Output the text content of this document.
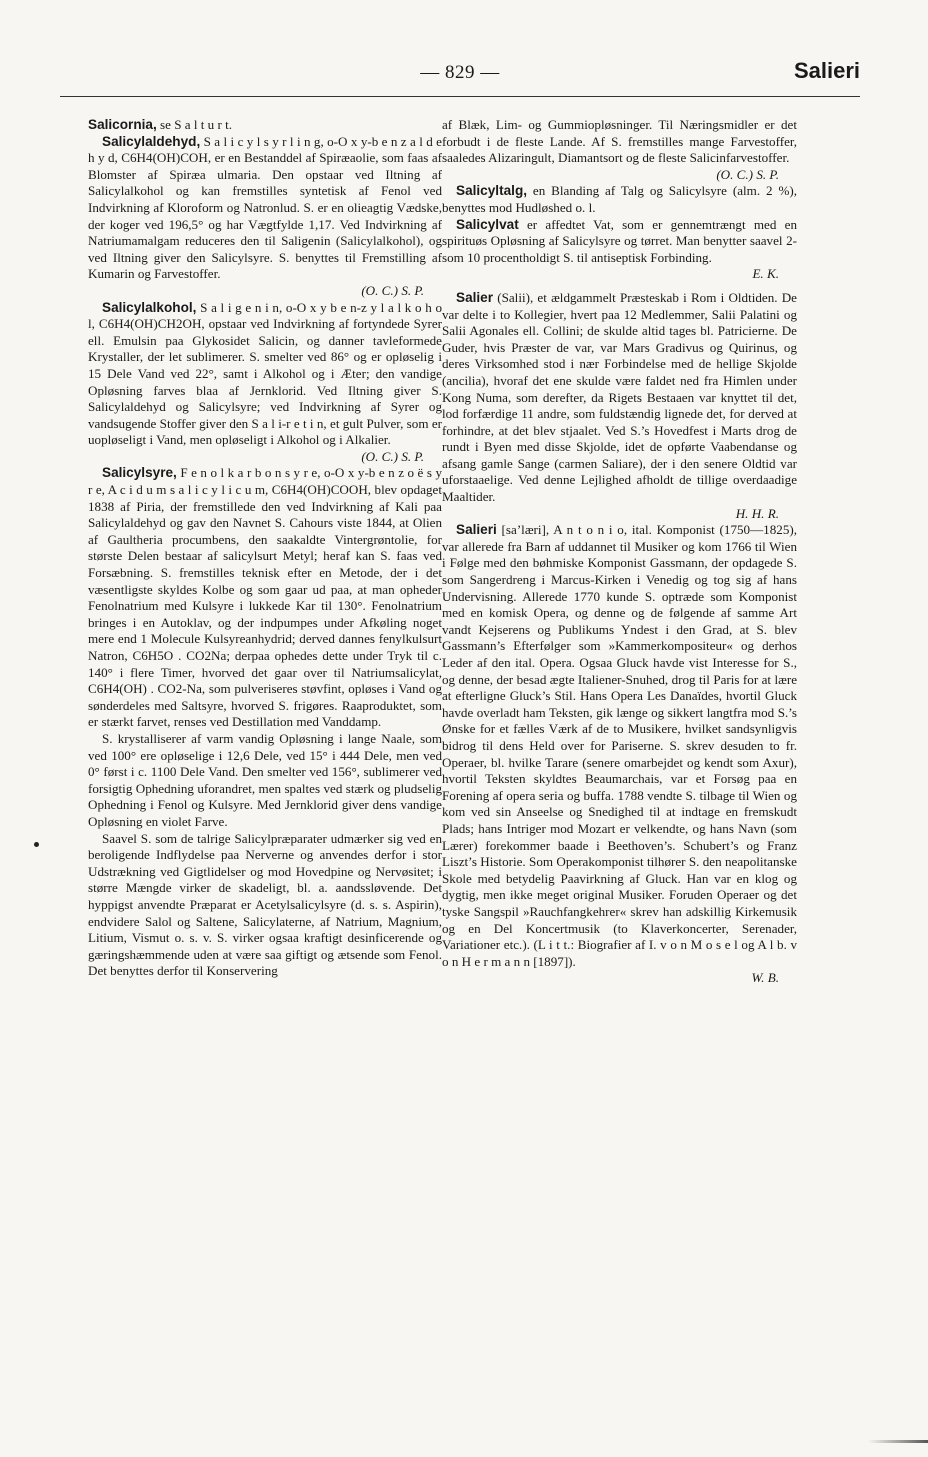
— 829 —	Salieri

Salicornia, se S a l t u r t.

Salicylaldehyd, S a l i c y l s y r l i n g, o-O x y-b e n z a l d e h y d, C6H4(OH)COH, er en Bestanddel af Spiræaolie, som faas af Blomster af Spiræa ulmaria. Den opstaar ved Iltning af Salicylalkohol og kan fremstilles syntetisk af Fenol ved Indvirkning af Kloroform og Natronlud. S. er en olieagtig Vædske, der koger ved 196,5° og har Vægtfylde 1,17. Ved Indvirkning af Natriumamalgam reduceres den til Saligenin (Salicylalkohol), og ved Iltning giver den Salicylsyre. S. benyttes til Fremstilling af Kumarin og Farvestoffer.

(O. C.) S. P.

Salicylalkohol, S a l i g e n i n, o-O x y b e n-z y l a l k o h o l, C6H4(OH)CH2OH, opstaar ved Indvirkning af fortyndede Syrer ell. Emulsin paa Glykosidet Salicin, og danner tavleformede Krystaller, der let sublimerer. S. smelter ved 86° og er opløselig i 15 Dele Vand ved 22°, samt i Alkohol og i Æter; den vandige Opløsning farves blaa af Jernklorid. Ved Iltning giver S. Salicylaldehyd og Salicylsyre; ved Indvirkning af Syrer og vandsugende Stoffer giver den S a l i-r e t i n, et gult Pulver, som er uopløseligt i Vand, men opløseligt i Alkohol og i Alkalier.

(O. C.) S. P.

Salicylsyre, F e n o l k a r b o n s y r e, o-O x y-b e n z o ë s y r e, A c i d u m s a l i c y l i c u m, C6H4(OH)COOH, blev opdaget 1838 af Piria, der fremstillede den ved Indvirkning af Kali paa Salicylaldehyd og gav den Navnet S. Cahours viste 1844, at Olien af Gaultheria procumbens, den saakaldte Vintergrøntolie, for største Delen bestaar af salicylsurt Metyl; heraf kan S. faas ved Forsæbning. S. fremstilles teknisk efter en Metode, der i det væsentligste skyldes Kolbe og som gaar ud paa, at man opheder Fenolnatrium med Kulsyre i lukkede Kar til 130°. Fenolnatrium bringes i en Autoklav, og der indpumpes under Afkøling noget mere end 1 Molecule Kulsyreanhydrid; derved dannes fenylkulsurt Natron, C6H5O . CO2Na; derpaa ophedes dette under Tryk til c. 140° i flere Timer, hvorved det gaar over til Natriumsalicylat, C6H4(OH) . CO2-Na, som pulveriseres støvfint, opløses i Vand og sønderdeles med Saltsyre, hvorved S. frigøres. Raaproduktet, som er stærkt farvet, renses ved Destillation med Vanddamp.

S. krystalliserer af varm vandig Opløsning i lange Naale, som ved 100° ere opløselige i 12,6 Dele, ved 15° i 444 Dele, men ved 0° først i c. 1100 Dele Vand. Den smelter ved 156°, sublimerer ved forsigtig Ophedning uforandret, men spaltes ved stærk og pludselig Ophedning i Fenol og Kulsyre. Med Jernklorid giver dens vandige Opløsning en violet Farve.

Saavel S. som de talrige Salicylpræparater udmærker sig ved en beroligende Indflydelse paa Nerverne og anvendes derfor i stor Udstrækning ved Gigtlidelser og mod Hovedpine og Nervøsitet; i større Mængde virker de skadeligt, bl. a. aandssløvende. Det hyppigst anvendte Præparat er Acetylsalicylsyre (d. s. s. Aspirin), endvidere Salol og Saltene, Salicylaterne, af Natrium, Magnium, Litium, Vismut o. s. v. S. virker ogsaa kraftigt desinficerende og gæringshæmmende uden at være saa giftigt og ætsende som Fenol. Det benyttes derfor til Konservering

af Blæk, Lim- og Gummiopløsninger. Til Næringsmidler er det forbudt i de fleste Lande. Af S. fremstilles mange Farvestoffer, saaledes Alizaringult, Diamantsort og de fleste Salicinfarvestoffer.

(O. C.) S. P.

Salicyltalg, en Blanding af Talg og Salicylsyre (alm. 2 %), benyttes mod Hudløshed o. l.

Salicylvat er affedtet Vat, som er gennemtrængt med en spirituøs Opløsning af Salicylsyre og tørret. Man benytter saavel 2- som 10 procentholdigt S. til antiseptisk Forbinding.

E. K.

Salier (Salii), et ældgammelt Præsteskab i Rom i Oldtiden. De var delte i to Kollegier, hvert paa 12 Medlemmer, Salii Palatini og Salii Agonales ell. Collini; de skulde altid tages bl. Patricierne. De Guder, hvis Præster de var, var Mars Gradivus og Quirinus, og deres Virksomhed stod i nær Forbindelse med de hellige Skjolde (ancilia), hvoraf det ene skulde være faldet ned fra Himlen under Kong Numa, som derefter, da Rigets Bestaaen var knyttet til det, lod forfærdige 11 andre, som fuldstændig lignede det, for derved at forhindre, at det blev stjaalet. Ved S.’s Hovedfest i Marts drog de rundt i Byen med disse Skjolde, idet de opførte Vaabendanse og afsang gamle Sange (carmen Saliare), der i den senere Oldtid var uforstaaelige. Ved denne Lejlighed afholdt de tillige overdaadige Maaltider.

H. H. R.

Salieri [sa’læri], A n t o n i o, ital. Komponist (1750—1825), var allerede fra Barn af uddannet til Musiker og kom 1766 til Wien i Følge med den bøhmiske Komponist Gassmann, der opdagede S. som Sangerdreng i Marcus-Kirken i Venedig og tog sig af hans Undervisning. Allerede 1770 kunde S. optræde som Komponist med en komisk Opera, og denne og de følgende af samme Art vandt Kejserens og Publikums Yndest i den Grad, at S. blev Gassmann’s Efterfølger som »Kammerkompositeur« og derhos Leder af den ital. Opera. Ogsaa Gluck havde vist Interesse for S., og denne, der besad ægte Italiener-Snuhed, drog til Paris for at lære at efterligne Gluck’s Stil. Hans Opera Les Danaïdes, hvortil Gluck havde overladt ham Teksten, gik længe og sikkert langtfra mod S.’s Ønske for et fælles Værk af de to Musikere, hvilket sandsynligvis bidrog til dens Held over for Pariserne. S. skrev desuden to fr. Operaer, bl. hvilke Tarare (senere omarbejdet og kendt som Axur), hvortil Teksten skyldtes Beaumarchais, var et Forsøg paa en Forening af opera seria og buffa. 1788 vendte S. tilbage til Wien og kom ved sin Anseelse og Snedighed til at indtage en fremskudt Plads; hans Intriger mod Mozart er velkendte, og hans Navn (som Lærer) forekommer baade i Beethoven’s. Schubert’s og Franz Liszt’s Historie. Som Operakomponist tilhører S. den neapolitanske Skole med betydelig Paavirkning af Gluck. Han var en klog og dygtig, men ikke meget original Musiker. Foruden Operaer og det tyske Sangspil »Rauchfangkehrer« skrev han adskillig Kirkemusik og en Del Koncertmusik (to Klaverkoncerter, Serenader, Variationer etc.). (L i t t.: Biografier af I. v o n M o s e l og A l b. v o n H e r m a n n [1897]).

W. B.
